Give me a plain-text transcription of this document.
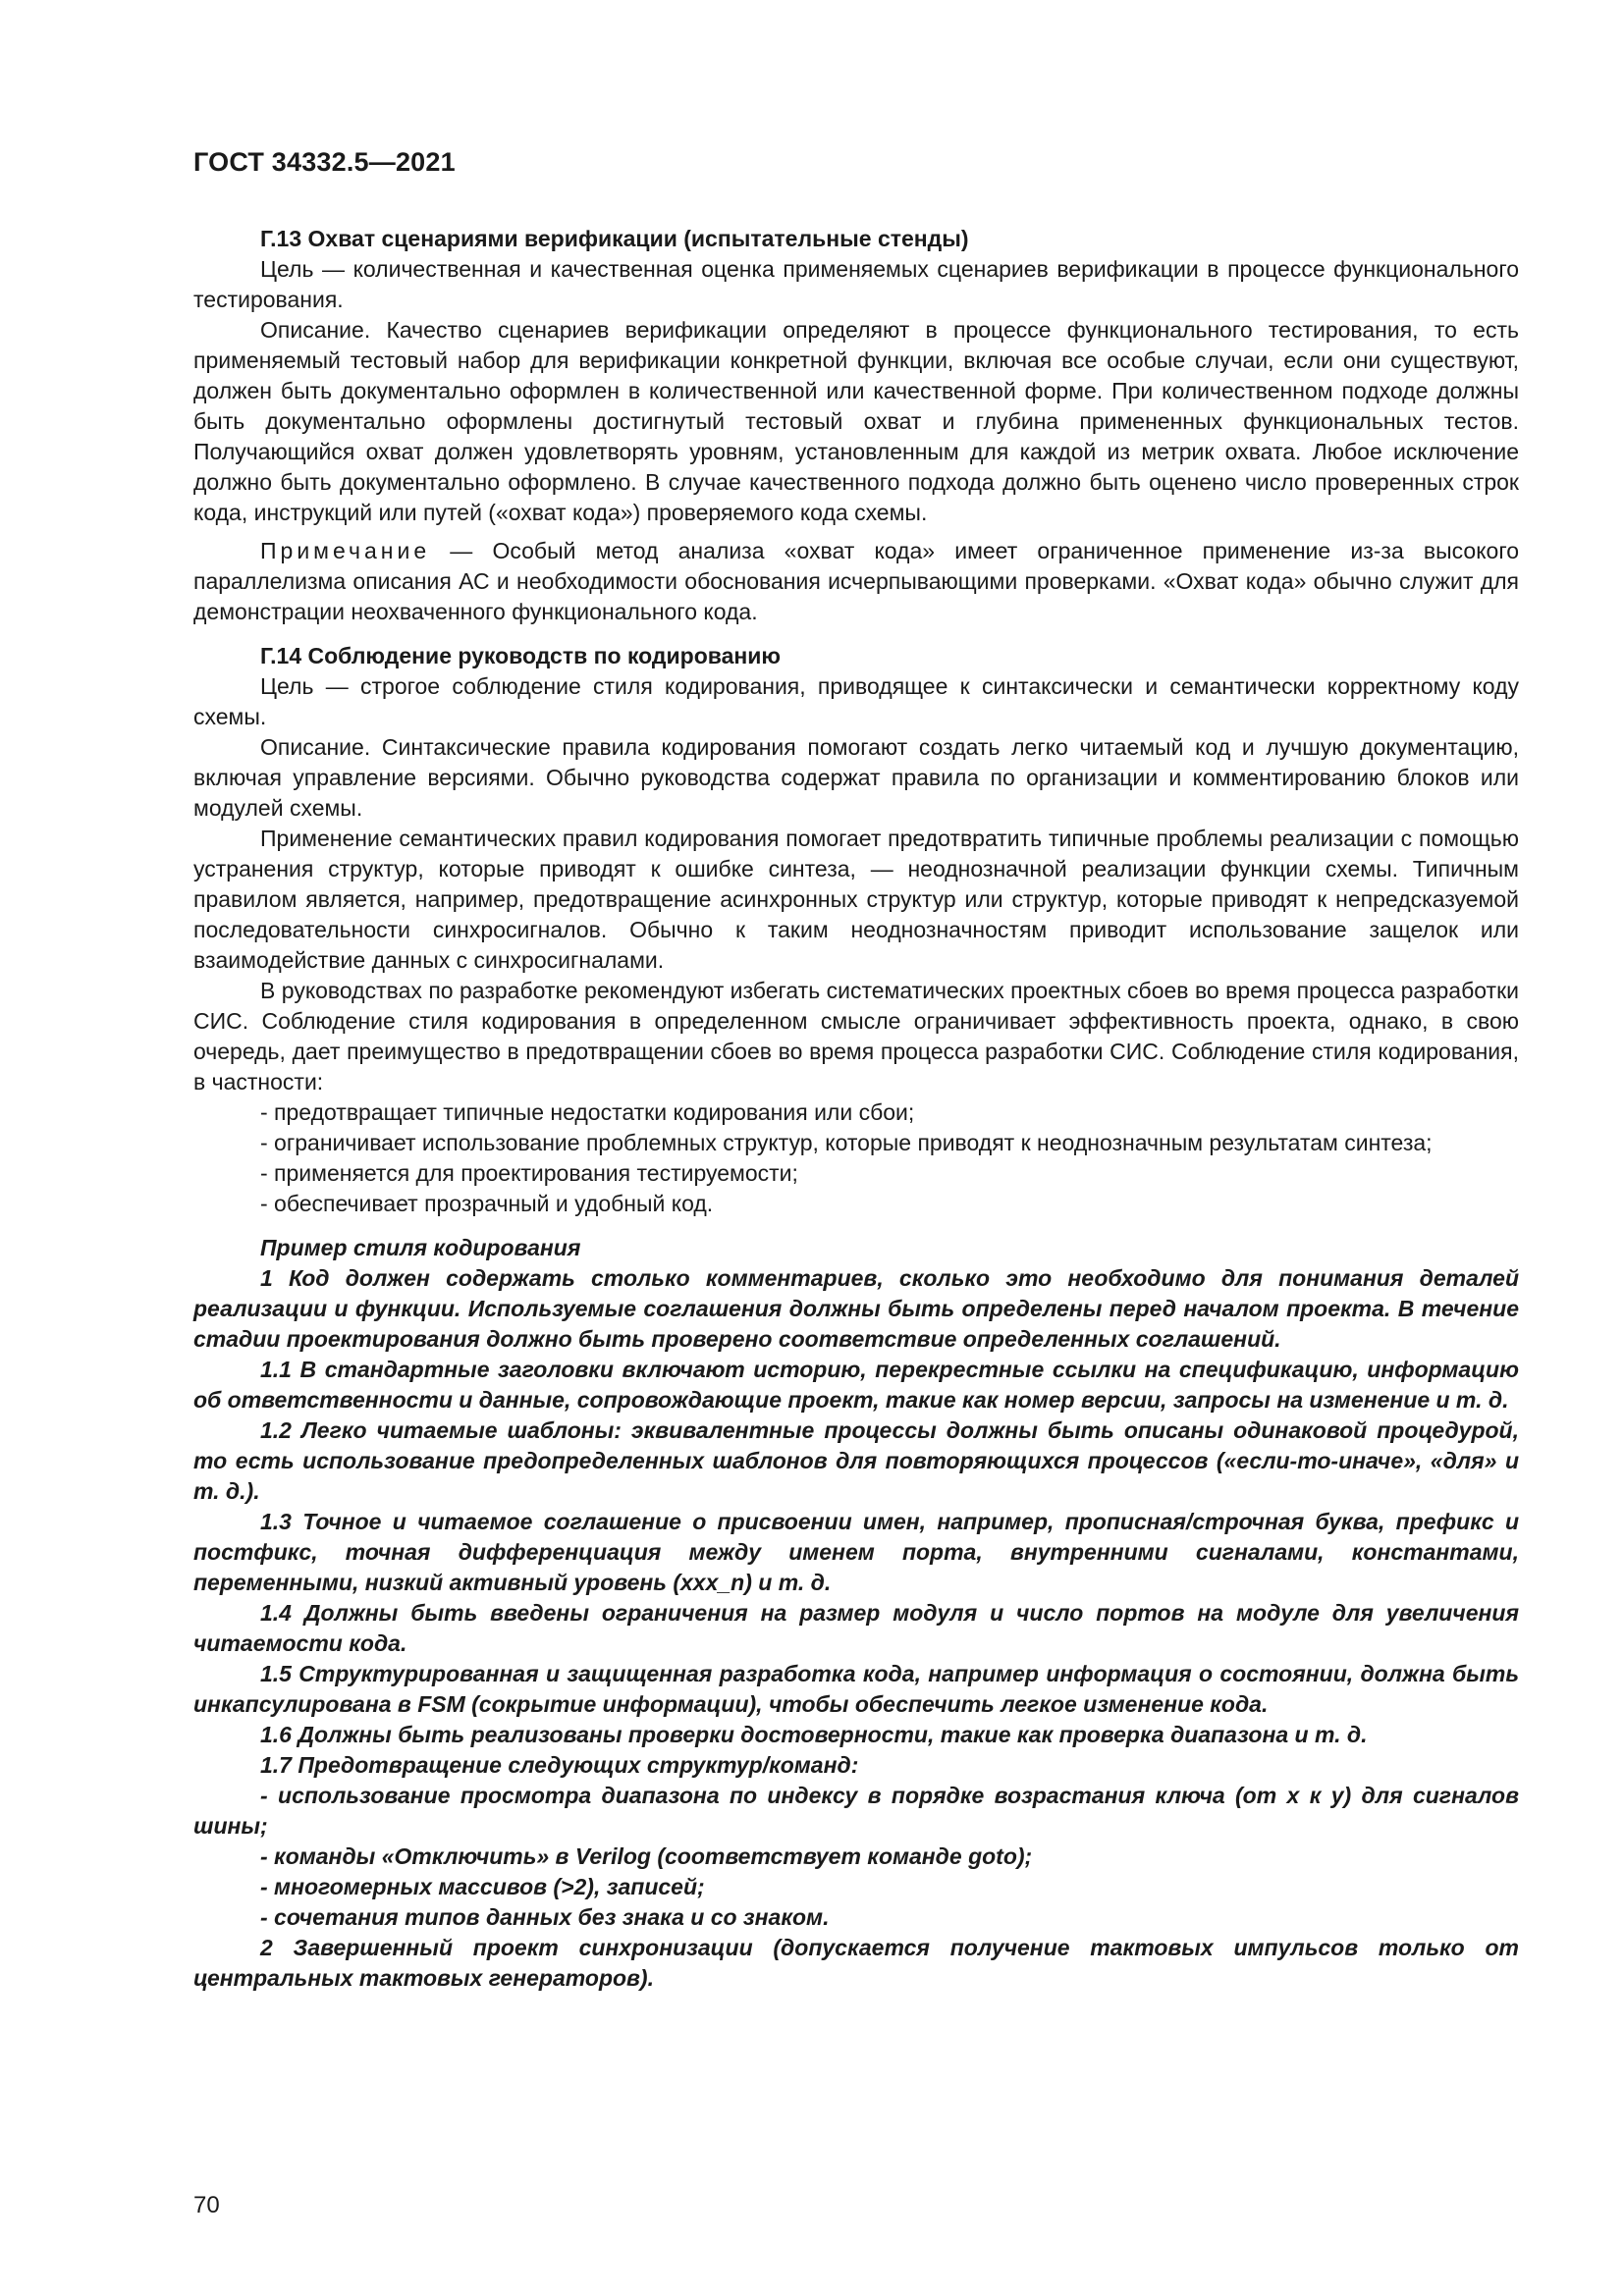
ГОСТ 34332.5—2021

Г.13 Охват сценариями верификации (испытательные стенды)

Цель — количественная и качественная оценка применяемых сценариев верификации в процессе функционального тестирования.

Описание. Качество сценариев верификации определяют в процессе функционального тестирования, то есть применяемый тестовый набор для верификации конкретной функции, включая все особые случаи, если они существуют, должен быть документально оформлен в количественной или качественной форме. При количественном подходе должны быть документально оформлены достигнутый тестовый охват и глубина примененных функциональных тестов. Получающийся охват должен удовлетворять уровням, установленным для каждой из метрик охвата. Любое исключение должно быть документально оформлено. В случае качественного подхода должно быть оценено число проверенных строк кода, инструкций или путей («охват кода») проверяемого кода схемы.

Примечание — Особый метод анализа «охват кода» имеет ограниченное применение из-за высокого параллелизма описания АС и необходимости обоснования исчерпывающими проверками. «Охват кода» обычно служит для демонстрации неохваченного функционального кода.

Г.14 Соблюдение руководств по кодированию

Цель — строгое соблюдение стиля кодирования, приводящее к синтаксически и семантически корректному коду схемы.

Описание. Синтаксические правила кодирования помогают создать легко читаемый код и лучшую документацию, включая управление версиями. Обычно руководства содержат правила по организации и комментированию блоков или модулей схемы.

Применение семантических правил кодирования помогает предотвратить типичные проблемы реализации с помощью устранения структур, которые приводят к ошибке синтеза, — неоднозначной реализации функции схемы. Типичным правилом является, например, предотвращение асинхронных структур или структур, которые приводят к непредсказуемой последовательности синхросигналов. Обычно к таким неоднозначностям приводит использование защелок или взаимодействие данных с синхросигналами.

В руководствах по разработке рекомендуют избегать систематических проектных сбоев во время процесса разработки СИС. Соблюдение стиля кодирования в определенном смысле ограничивает эффективность проекта, однако, в свою очередь, дает преимущество в предотвращении сбоев во время процесса разработки СИС. Соблюдение стиля кодирования, в частности:

- предотвращает типичные недостатки кодирования или сбои;

- ограничивает использование проблемных структур, которые приводят к неоднозначным результатам синтеза;

- применяется для проектирования тестируемости;

- обеспечивает прозрачный и удобный код.

Пример стиля кодирования

1 Код должен содержать столько комментариев, сколько это необходимо для понимания деталей реализации и функции. Используемые соглашения должны быть определены перед началом проекта. В течение стадии проектирования должно быть проверено соответствие определенных соглашений.

1.1 В стандартные заголовки включают историю, перекрестные ссылки на спецификацию, информацию об ответственности и данные, сопровождающие проект, такие как номер версии, запросы на изменение и т. д.

1.2 Легко читаемые шаблоны: эквивалентные процессы должны быть описаны одинаковой процедурой, то есть использование предопределенных шаблонов для повторяющихся процессов («если-то-иначе», «для» и т. д.).

1.3 Точное и читаемое соглашение о присвоении имен, например, прописная/строчная буква, префикс и постфикс, точная дифференциация между именем порта, внутренними сигналами, константами, переменными, низкий активный уровень (xxx_n) и т. д.

1.4 Должны быть введены ограничения на размер модуля и число портов на модуле для увеличения читаемости кода.

1.5 Структурированная и защищенная разработка кода, например информация о состоянии, должна быть инкапсулирована в FSM (сокрытие информации), чтобы обеспечить легкое изменение кода.

1.6 Должны быть реализованы проверки достоверности, такие как проверка диапазона и т. д.

1.7 Предотвращение следующих структур/команд:

- использование просмотра диапазона по индексу в порядке возрастания ключа (от x к y) для сигналов шины;

- команды «Отключить» в Verilog (соответствует команде goto);

- многомерных массивов (>2), записей;

- сочетания типов данных без знака и со знаком.

2 Завершенный проект синхронизации (допускается получение тактовых импульсов только от центральных тактовых генераторов).

70
